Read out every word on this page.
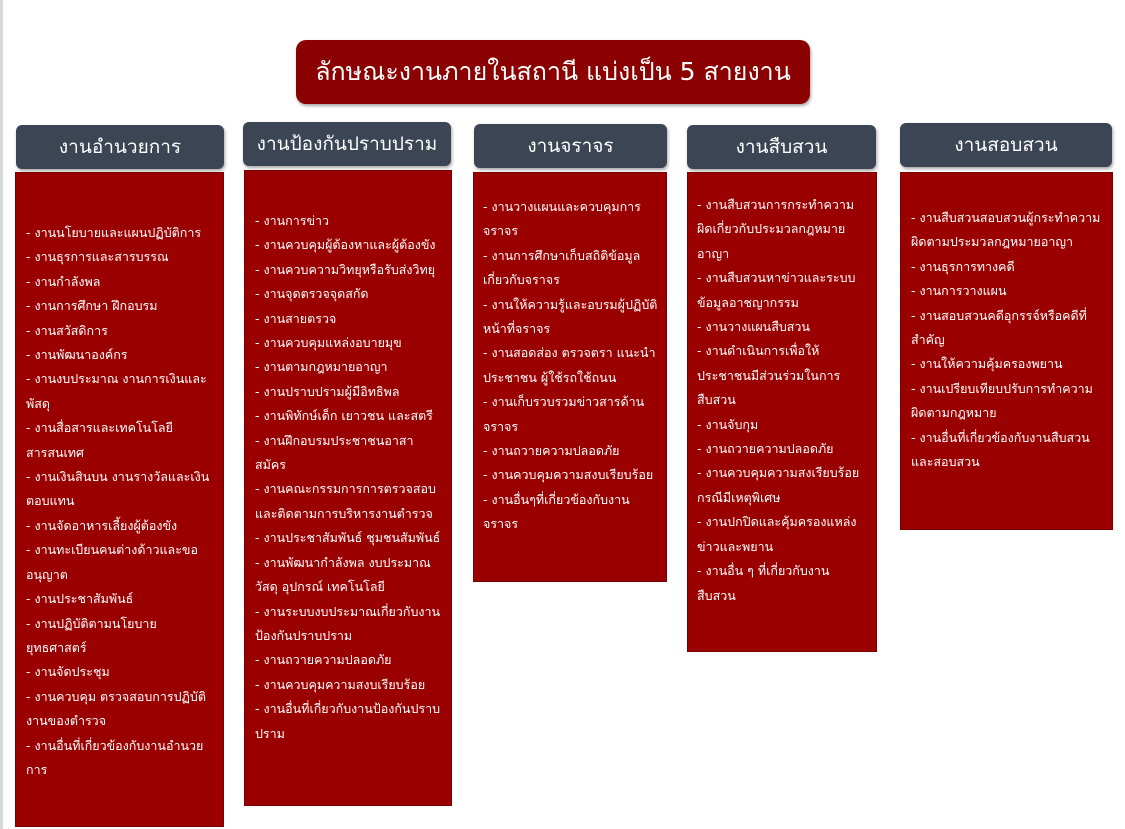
ลักษณะงานภายในสถานี แบ่งเป็น 5 สายงาน
งานอำนวยการ
- งานนโยบายและแผนปฏิบัติการ
- งานธุรการและสารบรรณ
- งานกำลังพล
- งานการศึกษา ฝึกอบรม
- งานสวัสดิการ
- งานพัฒนาองค์กร
- งานงบประมาณ งานการเงินและพัสดุ
- งานสื่อสารและเทคโนโลยีสารสนเทศ
- งานเงินสินบน งานรางวัลและเงินตอบแทน
- งานจัดอาหารเลี้ยงผู้ต้องขัง
- งานทะเบียนคนต่างด้าวและขออนุญาต
- งานประชาสัมพันธ์
- งานปฏิบัติตามนโยบายยุทธศาสตร์
- งานจัดประชุม
- งานควบคุม ตรวจสอบการปฏิบัติงานของตำรวจ
- งานอื่นที่เกี่ยวข้องกับงานอำนวยการ
งานป้องกันปราบปราม
- งานการข่าว
- งานควบคุมผู้ต้องหาและผู้ต้องขัง
- งานควบความวิทยุหรือรับส่งวิทยุ
- งานจุดตรวจจุดสกัด
- งานสายตรวจ
- งานควบคุมแหล่งอบายมุข
- งานตามกฎหมายอาญา
- งานปราบปรามผู้มีอิทธิพล
- งานพิทักษ์เด็ก เยาวชน และสตรี
- งานฝึกอบรมประชาชนอาสาสมัคร
- งานคณะกรรมการการตรวจสอบและติดตามการบริหารงานตำรวจ
- งานประชาสัมพันธ์ ชุมชนสัมพันธ์
- งานพัฒนากำลังพล งบประมาณ วัสดุ อุปกรณ์ เทคโนโลยี
- งานระบบงบประมาณเกี่ยวกับงานป้องกันปราบปราม
- งานถวายความปลอดภัย
- งานควบคุมความสงบเรียบร้อย
- งานอื่นที่เกี่ยวกับงานป้องกันปราบปราม
งานจราจร
- งานวางแผนและควบคุมการจราจร
- งานการศึกษาเก็บสถิติข้อมูลเกี่ยวกับจราจร
- งานให้ความรู้และอบรมผู้ปฏิบัติหน้าที่จราจร
- งานสอดส่อง ตรวจตรา แนะนำประชาชน ผู้ใช้รถใช้ถนน
- งานเก็บรวบรวมข่าวสารด้านจราจร
- งานถวายความปลอดภัย
- งานควบคุมความสงบเรียบร้อย
- งานอื่นๆที่เกี่ยวข้องกับงานจราจร
งานสืบสวน
- งานสืบสวนการกระทำความผิดเกี่ยวกับประมวลกฎหมายอาญา
- งานสืบสวนหาข่าวและระบบข้อมูลอาชญากรรม
- งานวางแผนสืบสวน
- งานดำเนินการเพื่อให้ประชาชนมีส่วนร่วมในการสืบสวน
- งานจับกุม
- งานถวายความปลอดภัย
- งานควบคุมความสงเรียบร้อยกรณีมีเหตุพิเศษ
- งานปกปิดและคุ้มครองแหล่งข่าวและพยาน
- งานอื่น ๆ ที่เกี่ยวกับงานสืบสวน
งานสอบสวน
- งานสืบสวนสอบสวนผู้กระทำความผิดตามประมวลกฎหมายอาญา
- งานธุรการทางคดี
- งานการวางแผน
- งานสอบสวนคดีอุกรรจ์หรือคดีที่สำคัญ
- งานให้ความคุ้มครองพยาน
- งานเปรียบเทียบปรับการทำความผิดตามกฎหมาย
- งานอื่นที่เกี่ยวข้องกับงานสืบสวนและสอบสวน
